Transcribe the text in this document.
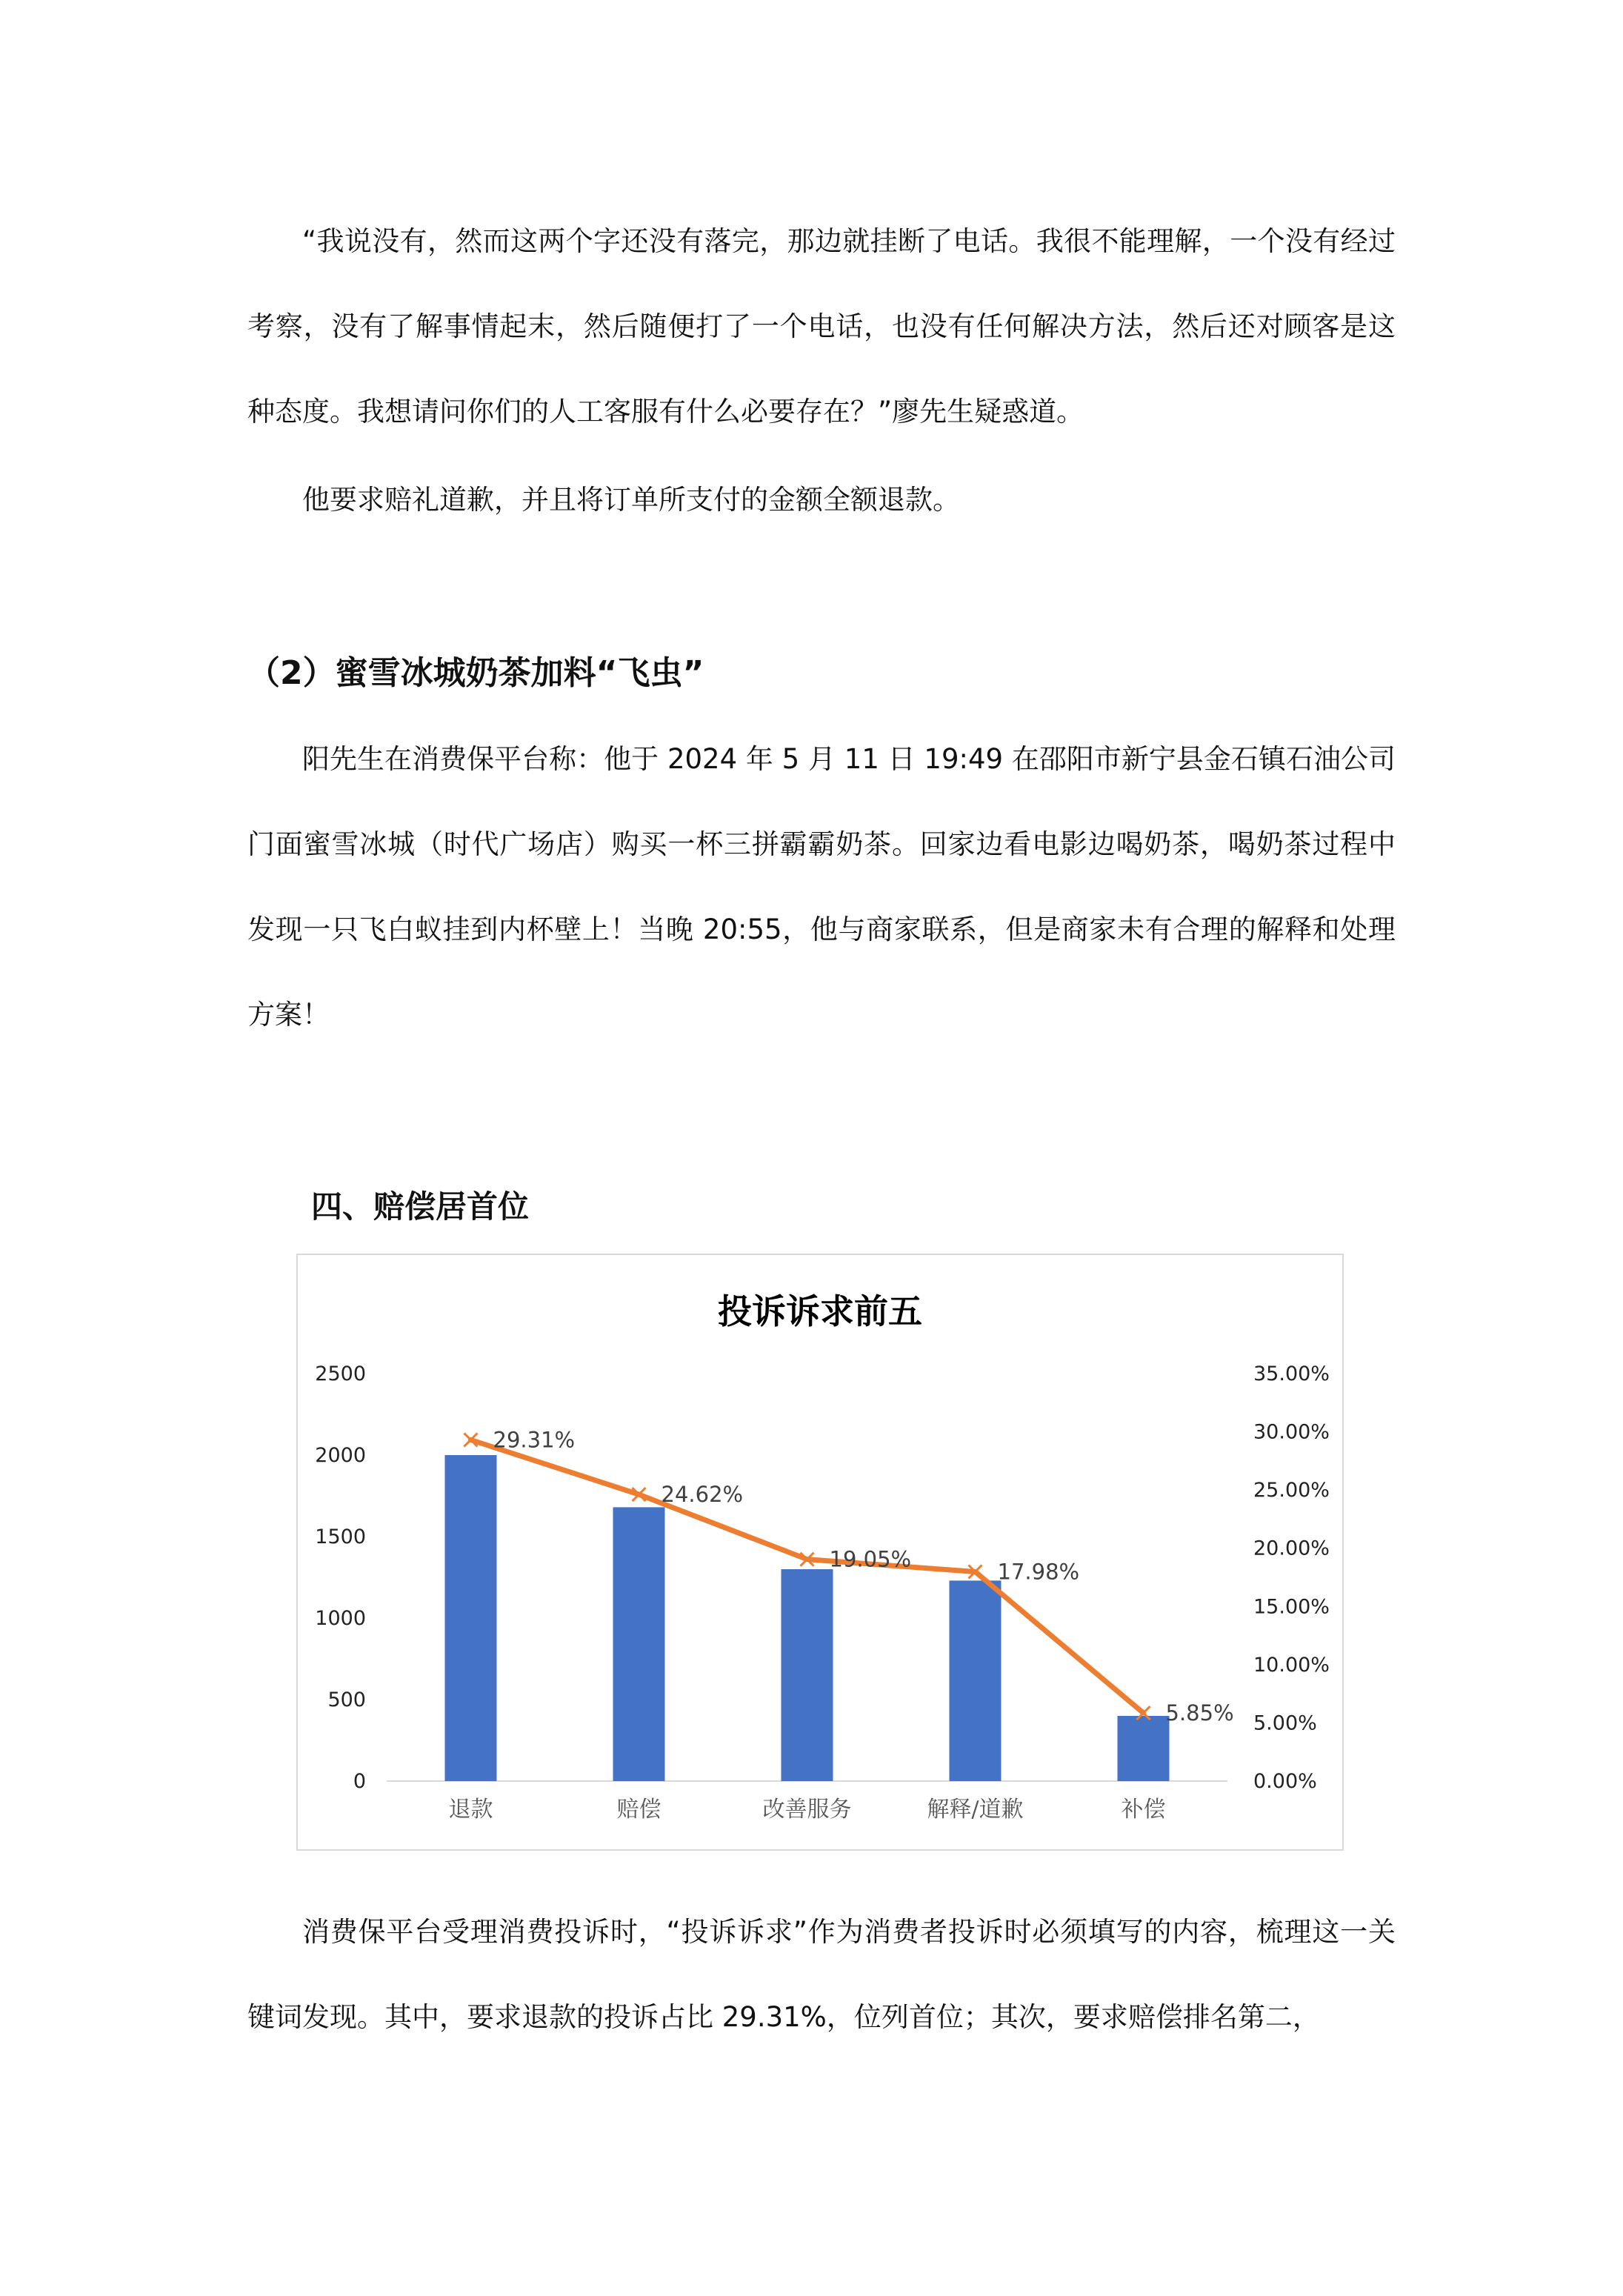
“我说没有，然而这两个字还没有落完，那边就挂断了电话。我很不能理解，一个没有经过考察，没有了解事情起末，然后随便打了一个电话，也没有任何解决方法，然后还对顾客是这种态度。我想请问你们的人工客服有什么必要存在？”廖先生疑惑道。

他要求赔礼道歉，并且将订单所支付的金额全额退款。

（2）蜜雪冰城奶茶加料“飞虫”

阳先生在消费保平台称：他于 2024 年 5 月 11 日 19:49 在邵阳市新宁县金石镇石油公司门面蜜雪冰城（时代广场店）购买一杯三拼霸霸奶茶。回家边看电影边喝奶茶，喝奶茶过程中发现一只飞白蚁挂到内杯壁上！当晚 20:55，他与商家联系，但是商家未有合理的解释和处理方案！

四、赔偿居首位
投诉诉求前五
0
500
1000
1500
2000
2500
0.00%
5.00%
10.00%
15.00%
20.00%
25.00%
30.00%
35.00%
退款	赔偿	改善服务	解释/道歉	补偿
29.31%
24.62%
19.05%	17.98%
5.85%

消费保平台受理消费投诉时，“投诉诉求”作为消费者投诉时必须填写的内容，梳理这一关键词发现。其中，要求退款的投诉占比 29.31%，位列首位；其次，要求赔偿排名第二，
